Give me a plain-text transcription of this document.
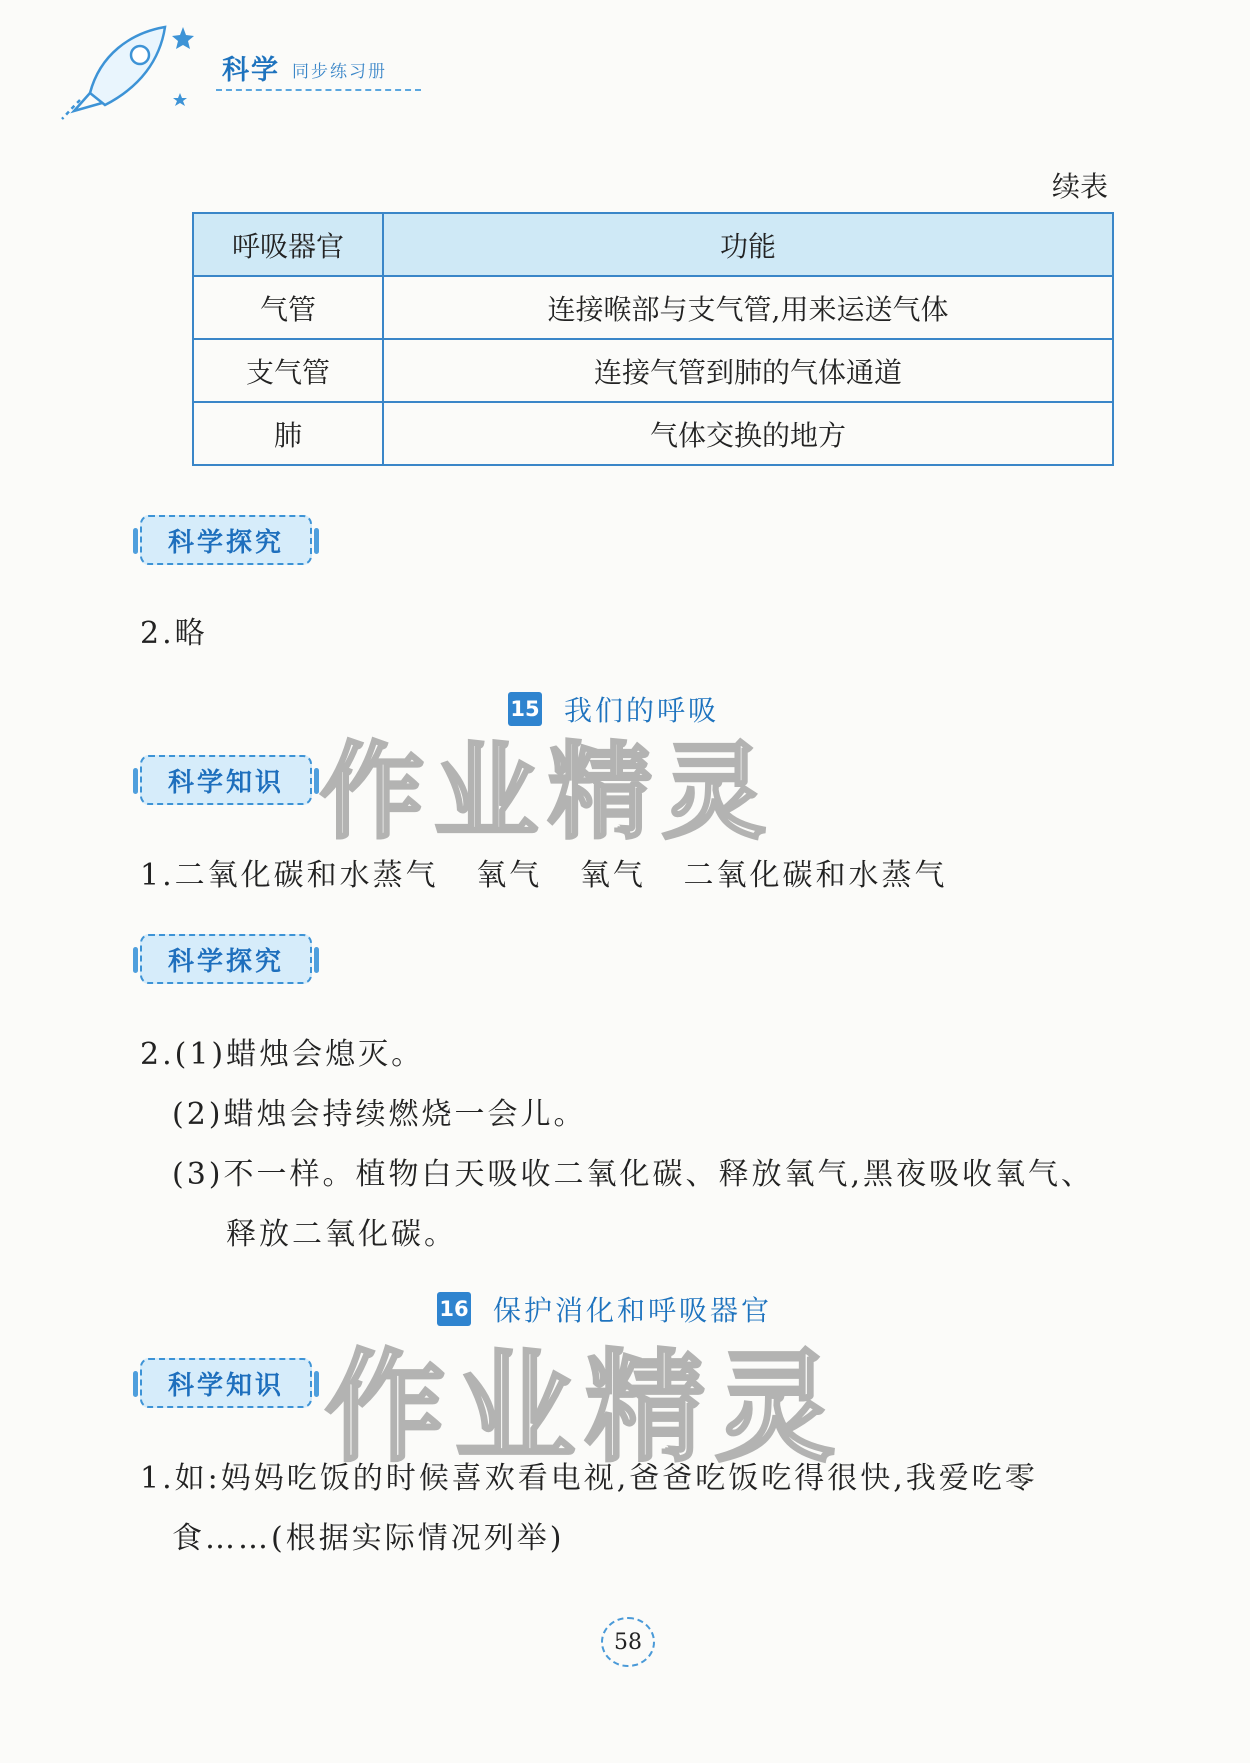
科学 同步练习册
续表
呼吸器官	功能
气管	连接喉部与支气管,用来运送气体
支气管	连接气管到肺的气体通道
肺	气体交换的地方
科学探究
2.略
15 我们的呼吸
作业精灵
科学知识
1.二氧化碳和水蒸气   氧气   氧气   二氧化碳和水蒸气
科学探究
2.(1)蜡烛会熄灭。
(2)蜡烛会持续燃烧一会儿。
(3)不一样。植物白天吸收二氧化碳、释放氧气,黑夜吸收氧气、
释放二氧化碳。
16 保护消化和呼吸器官
作业精灵
科学知识
1.如:妈妈吃饭的时候喜欢看电视,爸爸吃饭吃得很快,我爱吃零
食……(根据实际情况列举)
58
